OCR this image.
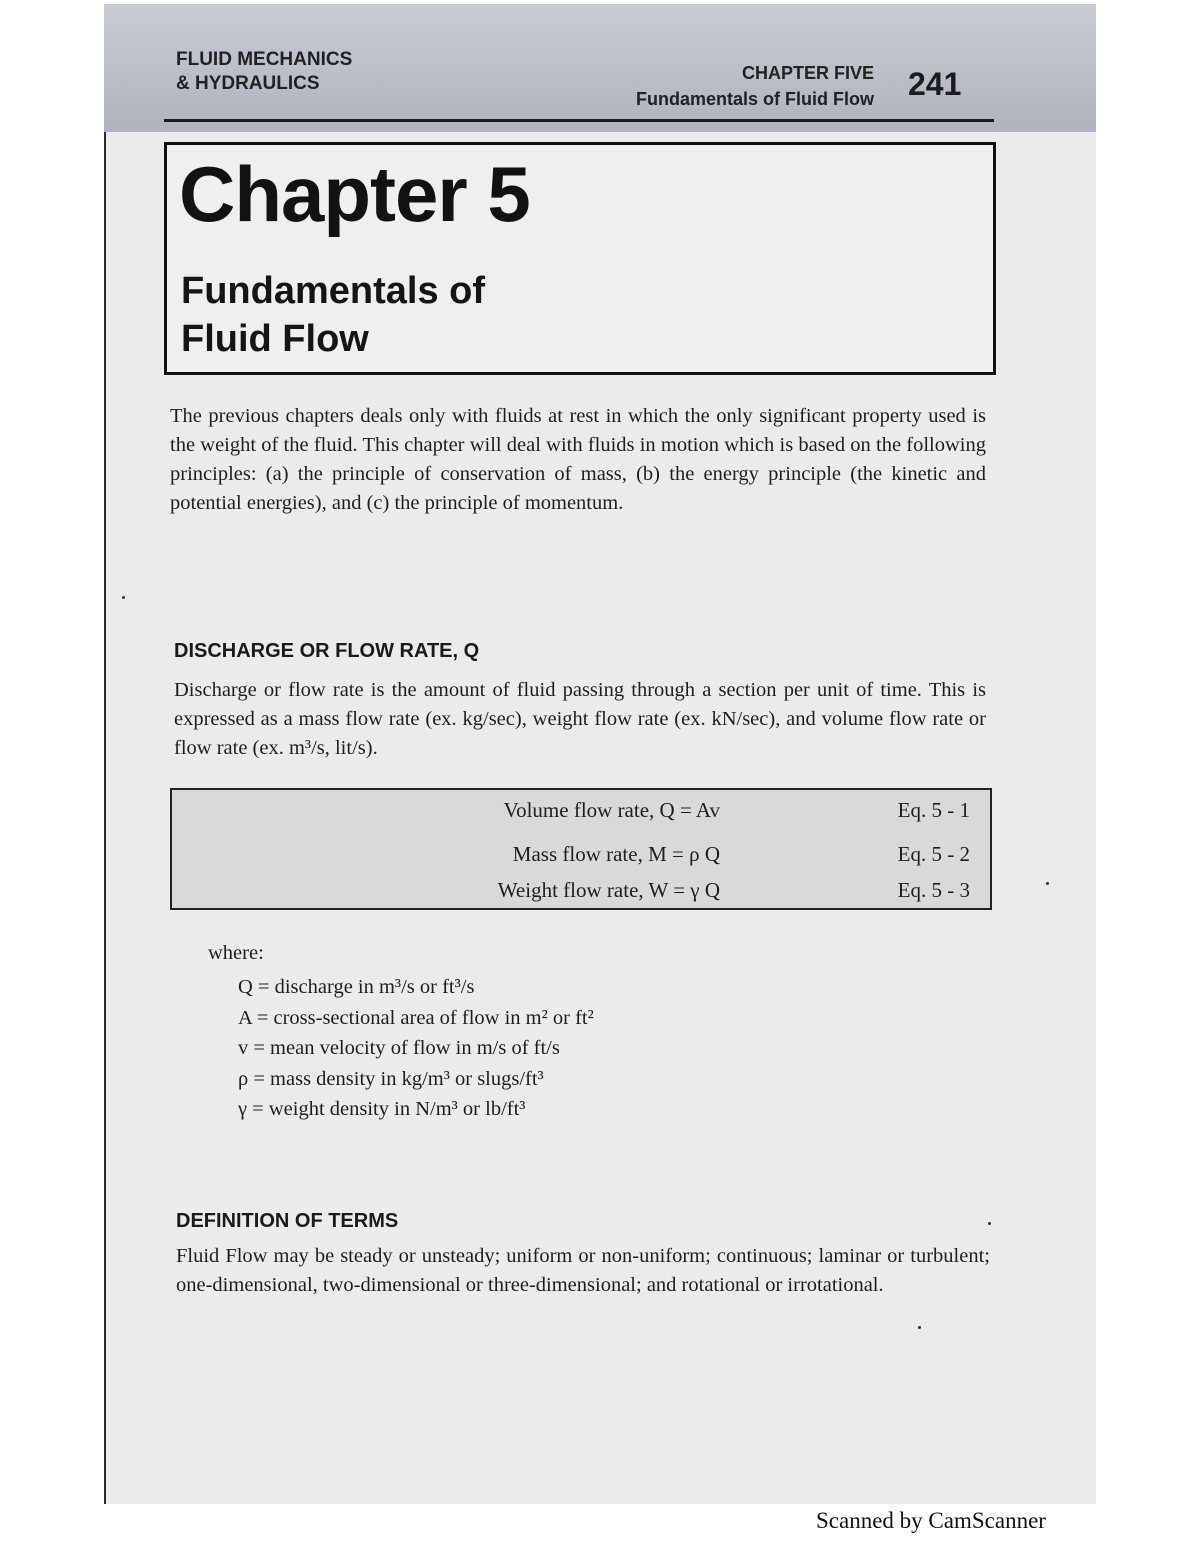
FLUID MECHANICS
& HYDRAULICS	CHAPTER FIVE
Fundamentals of Fluid Flow 241
Chapter 5
Fundamentals of
Fluid Flow

The previous chapters deals only with fluids at rest in which the only significant property used is the weight of the fluid. This chapter will deal with fluids in motion which is based on the following principles: (a) the principle of conservation of mass, (b) the energy principle (the kinetic and potential energies), and (c) the principle of momentum.

DISCHARGE OR FLOW RATE, Q

Discharge or flow rate is the amount of fluid passing through a section per unit of time. This is expressed as a mass flow rate (ex. kg/sec), weight flow rate (ex. kN/sec), and volume flow rate or flow rate (ex. m³/s, lit/s).

Volume flow rate, Q = Av	Eq. 5 - 1
Mass flow rate, M = ρ Q	Eq. 5 - 2
Weight flow rate, W = γ Q	Eq. 5 - 3

where:

Q = discharge in m³/s or ft³/s
A = cross-sectional area of flow in m² or ft²
v = mean velocity of flow in m/s of ft/s
ρ = mass density in kg/m³ or slugs/ft³
γ = weight density in N/m³ or lb/ft³
DEFINITION OF TERMS

Fluid Flow may be steady or unsteady; uniform or non-uniform; continuous; laminar or turbulent; one-dimensional, two-dimensional or three-dimensional; and rotational or irrotational.

Scanned by CamScanner
